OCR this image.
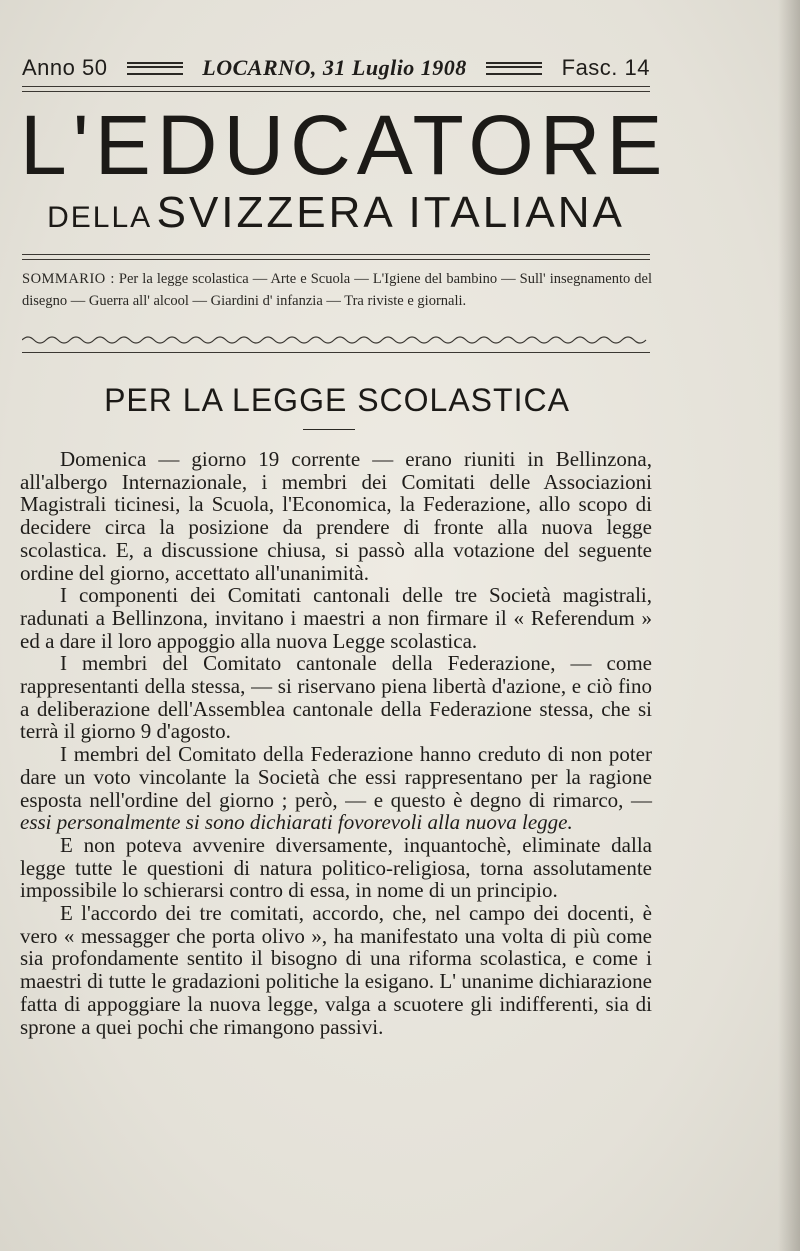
Anno 50	LOCARNO, 31 Luglio 1908	Fasc. 14
L'EDUCATORE
DELLA SVIZZERA ITALIANA
SOMMARIO : Per la legge scolastica — Arte e Scuola — L'Igiene del bambino — Sull' insegnamento del disegno — Guerra all' alcool — Giardini d' infanzia — Tra riviste e giornali.
PER LA LEGGE SCOLASTICA

Domenica — giorno 19 corrente — erano riuniti in Bellinzona, all'albergo Internazionale, i membri dei Comitati delle Associazioni Magistrali ticinesi, la Scuola, l'Economica, la Federazione, allo scopo di decidere circa la posizione da prendere di fronte alla nuova legge scolastica. E, a discussione chiusa, si passò alla votazione del seguente ordine del giorno, accettato all'unanimità.

I componenti dei Comitati cantonali delle tre Società magistrali, radunati a Bellinzona, invitano i maestri a non firmare il « Referendum » ed a dare il loro appoggio alla nuova Legge scolastica.

I membri del Comitato cantonale della Federazione, — come rappresentanti della stessa, — si riservano piena libertà d'azione, e ciò fino a deliberazione dell'Assemblea cantonale della Federazione stessa, che si terrà il giorno 9 d'agosto.

I membri del Comitato della Federazione hanno creduto di non poter dare un voto vincolante la Società che essi rappresentano per la ragione esposta nell'ordine del giorno ; però, — e questo è degno di rimarco, — essi personalmente si sono dichiarati fovorevoli alla nuova legge.

E non poteva avvenire diversamente, inquantochè, eliminate dalla legge tutte le questioni di natura politico-religiosa, torna assolutamente impossibile lo schierarsi contro di essa, in nome di un principio.

E l'accordo dei tre comitati, accordo, che, nel campo dei docenti, è vero « messagger che porta olivo », ha manifestato una volta di più come sia profondamente sentito il bisogno di una riforma scolastica, e come i maestri di tutte le gradazioni politiche la esigano. L' unanime dichiarazione fatta di appoggiare la nuova legge, valga a scuotere gli indifferenti, sia di sprone a quei pochi che rimangono passivi.
